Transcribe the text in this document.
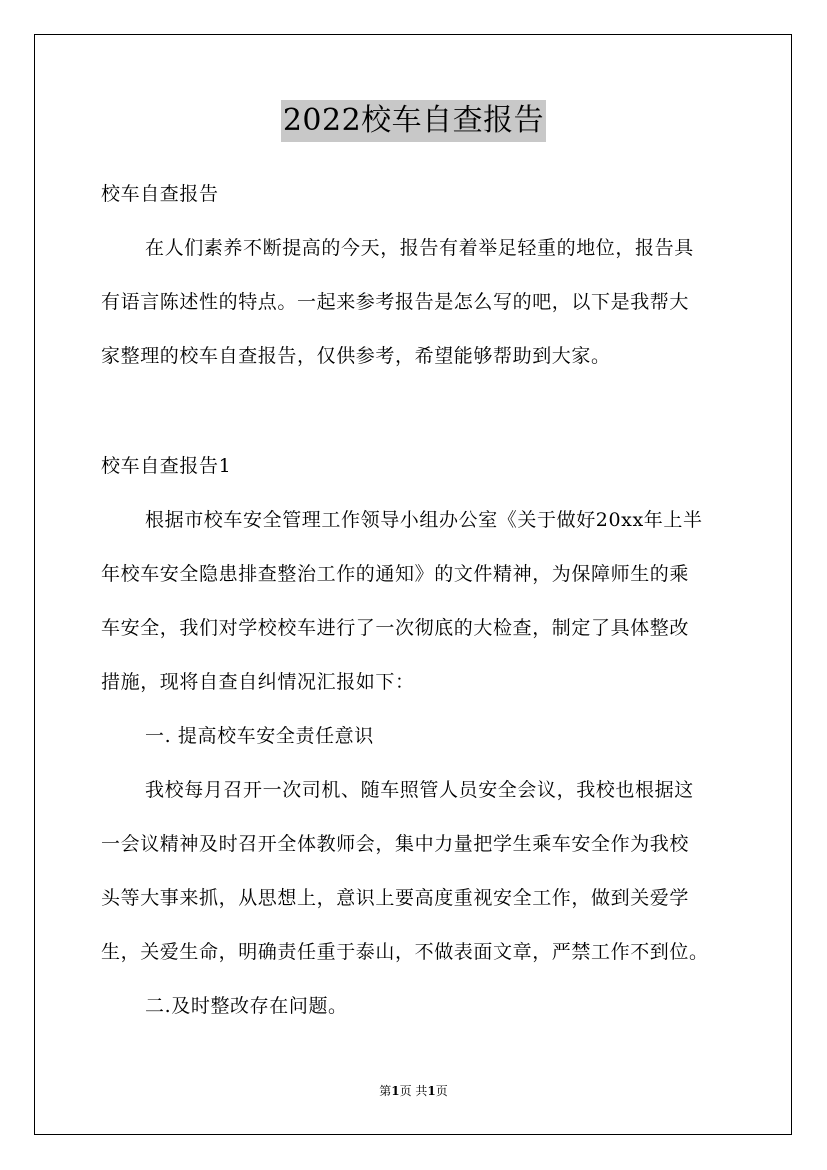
2022校车自查报告
校车自查报告
在人们素养不断提高的今天，报告有着举足轻重的地位，报告具
有语言陈述性的特点。一起来参考报告是怎么写的吧，以下是我帮大
家整理的校车自查报告，仅供参考，希望能够帮助到大家。
校车自查报告1
根据市校车安全管理工作领导小组办公室《关于做好20xx年上半
年校车安全隐患排查整治工作的通知》的文件精神，为保障师生的乘
车安全，我们对学校校车进行了一次彻底的大检查，制定了具体整改
措施，现将自查自纠情况汇报如下：
一. 提高校车安全责任意识
我校每月召开一次司机、随车照管人员安全会议，我校也根据这
一会议精神及时召开全体教师会，集中力量把学生乘车安全作为我校
头等大事来抓，从思想上，意识上要高度重视安全工作，做到关爱学
生，关爱生命，明确责任重于泰山，不做表面文章，严禁工作不到位。
二.及时整改存在问题。
第1页 共1页
